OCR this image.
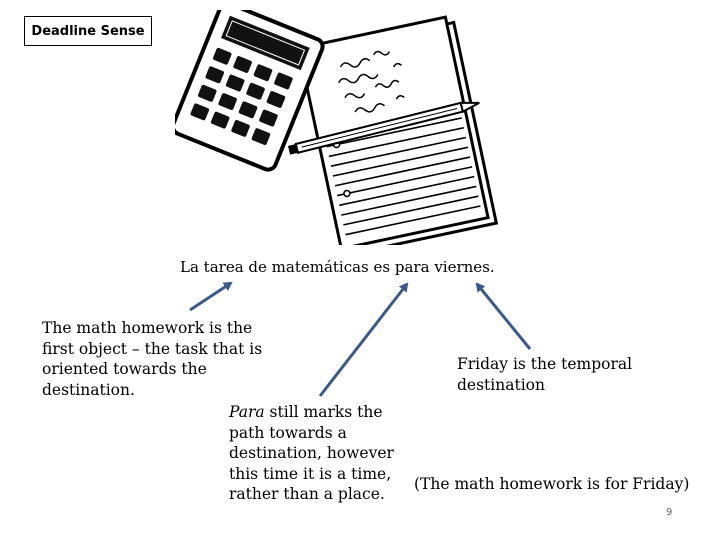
Deadline Sense
La tarea de matemáticas es para viernes.
The math homework is the first object – the task that is oriented towards the destination.
Para still marks the path towards a destination, however this time it is a time, rather than a place.
Friday is the temporal destination
(The math homework is for Friday)
9
